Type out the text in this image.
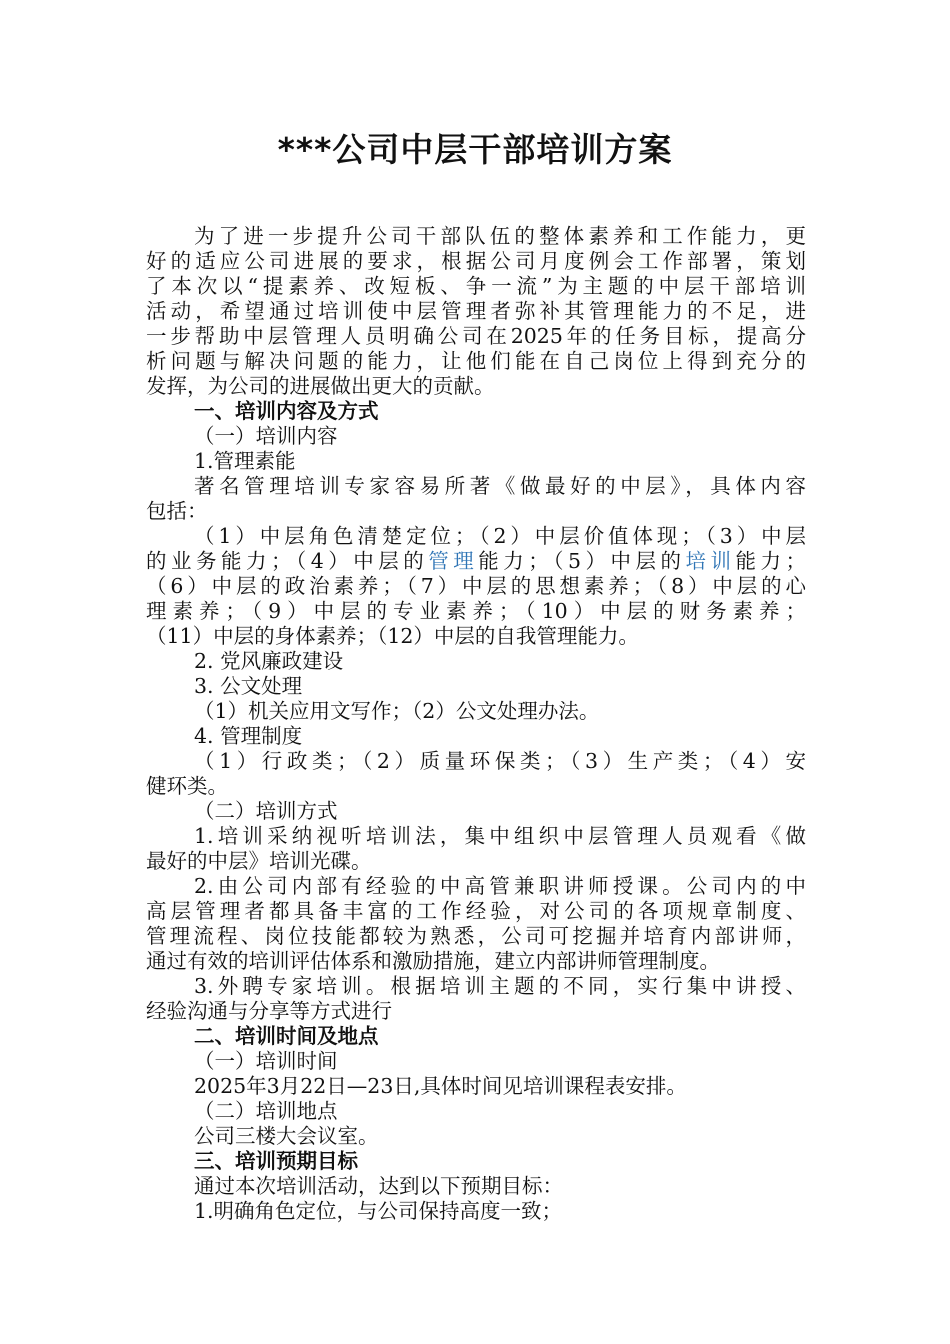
***公司中层干部培训方案
为了进一步提升公司干部队伍的整体素养和工作能力，更
好的适应公司进展的要求，根据公司月度例会工作部署，策划
了本次以“提素养、改短板、争一流”为主题的中层干部培训
活动，希望通过培训使中层管理者弥补其管理能力的不足，进
一步帮助中层管理人员明确公司在2025年的任务目标，提高分
析问题与解决问题的能力，让他们能在自己岗位上得到充分的
发挥，为公司的进展做出更大的贡献。
一、培训内容及方式
（一）培训内容
1.管理素能
著名管理培训专家容易所著《做最好的中层》，具体内容
包括：
（1）中层角色清楚定位；（2）中层价值体现；（3）中层
的业务能力；（4）中层的管理能力；（5）中层的培训能力；
（6）中层的政治素养；（7）中层的思想素养；（8）中层的心
理素养；（9）中层的专业素养；（10）中层的财务素养；
（11）中层的身体素养；（12）中层的自我管理能力。
2. 党风廉政建设
3. 公文处理
（1）机关应用文写作；（2）公文处理办法。
4. 管理制度
（1）行政类；（2）质量环保类；（3）生产类；（4）安
健环类。
（二）培训方式
1.培训采纳视听培训法，集中组织中层管理人员观看《做
最好的中层》培训光碟。
2.由公司内部有经验的中高管兼职讲师授课。公司内的中
高层管理者都具备丰富的工作经验，对公司的各项规章制度、
管理流程、岗位技能都较为熟悉，公司可挖掘并培育内部讲师，
通过有效的培训评估体系和激励措施，建立内部讲师管理制度。
3.外聘专家培训。根据培训主题的不同，实行集中讲授、
经验沟通与分享等方式进行
二、培训时间及地点
（一）培训时间
2025年3月22日—23日,具体时间见培训课程表安排。
（二）培训地点
公司三楼大会议室。
三、培训预期目标
通过本次培训活动，达到以下预期目标：
1.明确角色定位，与公司保持高度一致；
